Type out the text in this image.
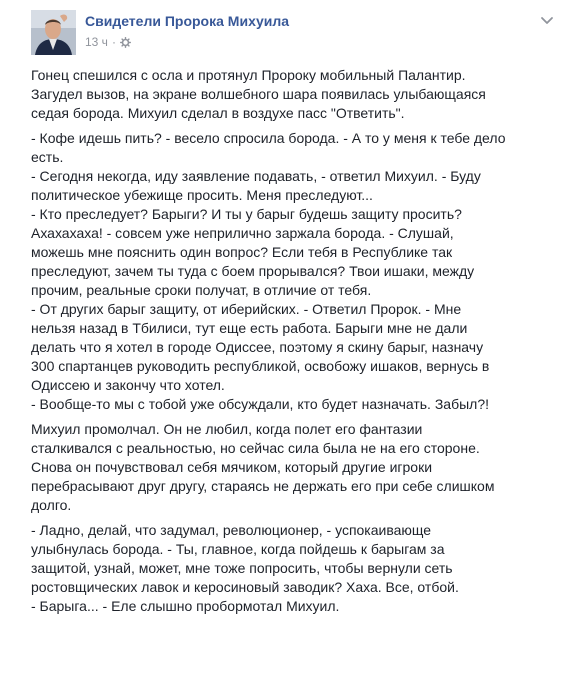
Свидетели Пророка Михуила
13 ч ·

Гонец спешился с осла и протянул Пророку мобильный Палантир.
Загудел вызов, на экране волшебного шара появилась улыбающаяся
седая борода. Михуил сделал в воздухе пасс "Ответить".

- Кофе идешь пить? - весело спросила борода. - А то у меня к тебе дело
есть.
- Сегодня некогда, иду заявление подавать, - ответил Михуил. - Буду
политическое убежище просить. Меня преследуют...
- Кто преследует? Барыги? И ты у барыг будешь защиту просить?
Ахахахаха! - совсем уже неприлично заржала борода. - Слушай,
можешь мне пояснить один вопрос? Если тебя в Республике так
преследуют, зачем ты туда с боем прорывался? Твои ишаки, между
прочим, реальные сроки получат, в отличие от тебя.
- От других барыг защиту, от иберийских. - Ответил Пророк. - Мне
нельзя назад в Тбилиси, тут еще есть работа. Барыги мне не дали
делать что я хотел в городе Одиссее, поэтому я скину барыг, назначу
300 спартанцев руководить республикой, освобожу ишаков, вернусь в
Одиссею и закончу что хотел.
- Вообще-то мы с тобой уже обсуждали, кто будет назначать. Забыл?!

Михуил промолчал. Он не любил, когда полет его фантазии
сталкивался с реальностью, но сейчас сила была не на его стороне.
Снова он почувствовал себя мячиком, который другие игроки
перебрасывают друг другу, стараясь не держать его при себе слишком
долго.

- Ладно, делай, что задумал, революционер, - успокаивающе
улыбнулась борода. - Ты, главное, когда пойдешь к барыгам за
защитой, узнай, может, мне тоже попросить, чтобы вернули сеть
ростовщических лавок и керосиновый заводик? Хаха. Все, отбой.
- Барыга... - Еле слышно пробормотал Михуил.
